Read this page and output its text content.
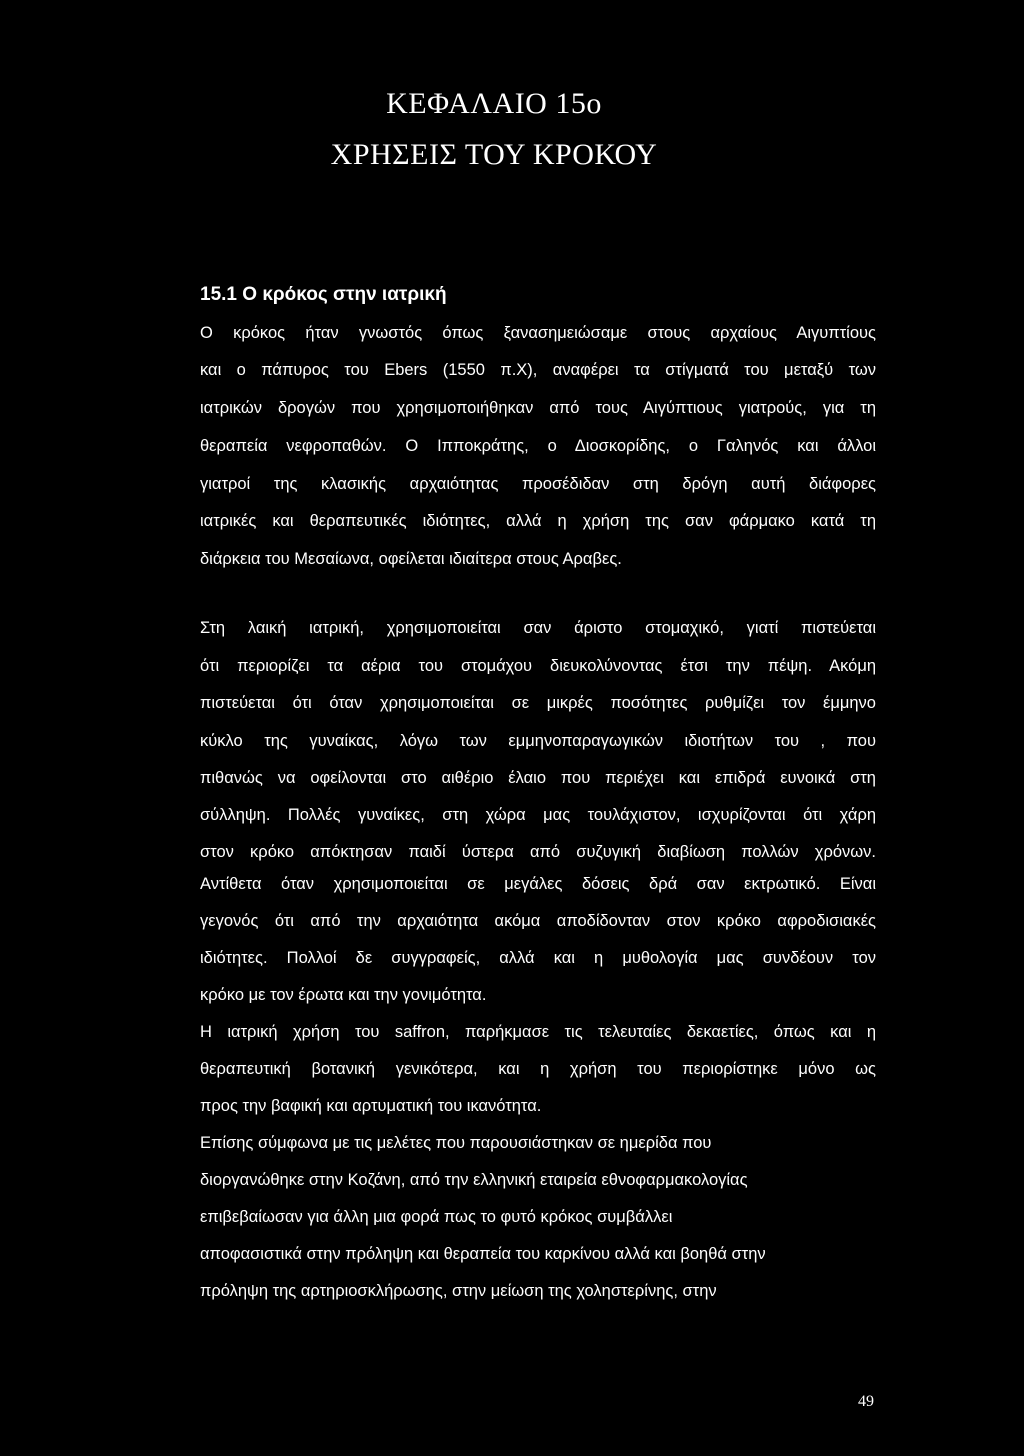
ΚΕΦΑΛΑΙΟ 15ο
ΧΡΗΣΕΙΣ ΤΟΥ ΚΡΟΚΟΥ
15.1 Ο κρόκος στην ιατρική
Ο κρόκος ήταν γνωστός όπως ξανασημειώσαμε στους αρχαίους Αιγυπτίους
και ο πάπυρος του Ebers (1550 π.Χ), αναφέρει τα στίγματά του μεταξύ των
ιατρικών δρογών που χρησιμοποιήθηκαν από τους Αιγύπτιους γιατρούς, για τη
θεραπεία νεφροπαθών. Ο Ιπποκράτης, ο Διοσκορίδης, ο Γαληνός και άλλοι
γιατροί της κλασικής αρχαιότητας προσέδιδαν στη δρόγη αυτή διάφορες
ιατρικές και θεραπευτικές ιδιότητες, αλλά η χρήση της σαν φάρμακο κατά τη
διάρκεια του Μεσαίωνα, οφείλεται ιδιαίτερα στους Αραβες.
Στη λαική ιατρική, χρησιμοποιείται σαν άριστο στομαχικό, γιατί πιστεύεται
ότι περιορίζει τα αέρια του στομάχου διευκολύνοντας έτσι την πέψη. Ακόμη
πιστεύεται ότι όταν χρησιμοποιείται σε μικρές ποσότητες ρυθμίζει τον έμμηνο
κύκλο της γυναίκας, λόγω των εμμηνοπαραγωγικών ιδιοτήτων του , που
πιθανώς να οφείλονται στο αιθέριο έλαιο που περιέχει και επιδρά ευνοικά στη
σύλληψη. Πολλές γυναίκες, στη χώρα μας τουλάχιστον, ισχυρίζονται ότι χάρη
στον κρόκο απόκτησαν παιδί ύστερα από συζυγική διαβίωση πολλών χρόνων.
Αντίθετα όταν χρησιμοποιείται σε μεγάλες δόσεις δρά σαν εκτρωτικό. Είναι
γεγονός ότι από την αρχαιότητα ακόμα αποδίδονταν στον κρόκο αφροδισιακές
ιδιότητες. Πολλοί δε συγγραφείς, αλλά και η μυθολογία μας συνδέουν τον
κρόκο με τον έρωτα και την γονιμότητα.
Η ιατρική χρήση του saffron, παρήκμασε τις τελευταίες δεκαετίες, όπως και η
θεραπευτική βοτανική γενικότερα, και η χρήση του περιορίστηκε μόνο ως
προς την βαφική και αρτυματική του ικανότητα.
Επίσης σύμφωνα με τις μελέτες που παρουσιάστηκαν σε ημερίδα που
διοργανώθηκε στην Κοζάνη, από την ελληνική εταιρεία εθνοφαρμακολογίας
επιβεβαίωσαν για άλλη μια φορά πως το φυτό κρόκος συμβάλλει
αποφασιστικά στην πρόληψη και θεραπεία του καρκίνου αλλά και βοηθά στην
πρόληψη της αρτηριοσκλήρωσης, στην μείωση της χοληστερίνης, στην
49
